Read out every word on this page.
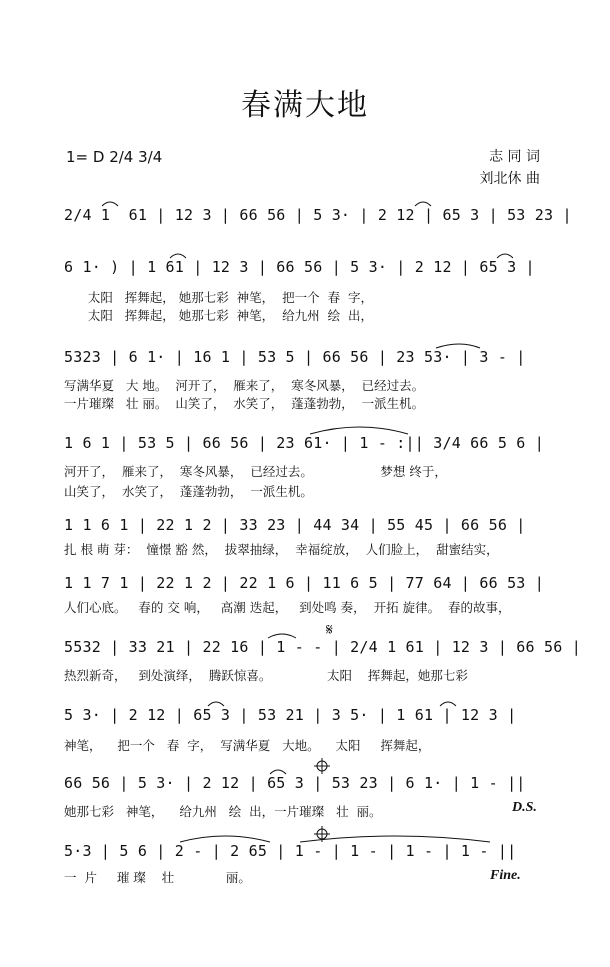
春满大地
1= D 2/4 3/4	志 同 词
刘北休 曲
2/4 1  61 | 12 3 | 66 56 | 5 3· | 2 12 | 65 3 | 53 23 |
6 1· ) | 1 61 | 12 3 | 66 56 | 5 3· | 2 12 | 65 3 |
太阳   挥舞起， 她那七彩  神笔，  把一个  春  字，
太阳   挥舞起， 她那七彩  神笔，  给九州  绘  出，
5323 | 6 1· | 16 1 | 53 5 | 66 56 | 23 53· | 3 - |
写满华夏   大 地。  河开了，  雁来了，  寒冬风暴，  已经过去。
一片璀璨   壮 丽。  山笑了，  水笑了，  蓬蓬勃勃，  一派生机。
1 6 1 | 53 5 | 66 56 | 23 61· | 1 - :|| 3/4 66 5 6 |
河开了，  雁来了，  寒冬风暴，  已经过去。                 梦想 终于，
山笑了，  水笑了，  蓬蓬勃勃，  一派生机。
1 1 6 1 | 22 1 2 | 33 23 | 44 34 | 55 45 | 66 56 |
扎 根 萌 芽：  憧憬 豁 然，  拔翠抽绿，  幸福绽放，  人们脸上，  甜蜜结实，
1 1 7 1 | 22 1 2 | 22 1 6 | 11 6 5 | 77 64 | 66 53 |
人们心底。   春的 交 响，   高潮 迭起，   到处鸣 奏，  开拓 旋律。  春的故事，
5532 | 33 21 | 22 16 | 1 - - | 2/4 1 61 | 12 3 | 66 56 |
热烈新奇，   到处演绎，  腾跃惊喜。              太阳    挥舞起，她那七彩
5 3· | 2 12 | 65 3 | 53 21 | 3 5· | 1 61 | 12 3 |
神笔，    把一个   春  字，  写满华夏   大地。    太阳     挥舞起，
66 56 | 5 3· | 2 12 | 65 3 | 53 23 | 6 1· | 1 - ||
她那七彩   神笔，    给九州   绘  出，一片璀璨   壮  丽。
5·3 | 5 6 | 2 - | 2 65 | 1 - | 1 - | 1 - | 1 - ||
一  片     璀 璨    壮             丽。
D.S.
Fine.
𝄋
